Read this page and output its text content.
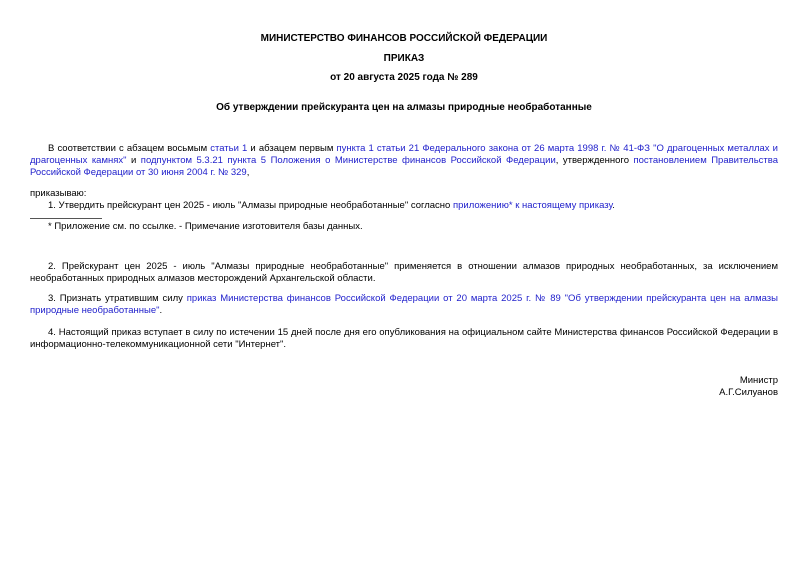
МИНИСТЕРСТВО ФИНАНСОВ РОССИЙСКОЙ ФЕДЕРАЦИИ
ПРИКАЗ
от 20 августа 2025 года № 289
Об утверждении прейскуранта цен на алмазы природные необработанные

В соответствии с абзацем восьмым статьи 1 и абзацем первым пункта 1 статьи 21 Федерального закона от 26 марта 1998 г. № 41-ФЗ "О драгоценных металлах и драгоценных камнях" и подпунктом 5.3.21 пункта 5 Положения о Министерстве финансов Российской Федерации, утвержденного постановлением Правительства Российской Федерации от 30 июня 2004 г. № 329,

приказываю:

1. Утвердить прейскурант цен 2025 - июль "Алмазы природные необработанные" согласно приложению* к настоящему приказу.

* Приложение см. по ссылке. - Примечание изготовителя базы данных.

2. Прейскурант цен 2025 - июль "Алмазы природные необработанные" применяется в отношении алмазов природных необработанных, за исключением необработанных природных алмазов месторождений Архангельской области.

3. Признать утратившим силу приказ Министерства финансов Российской Федерации от 20 марта 2025 г. № 89 "Об утверждении прейскуранта цен на алмазы природные необработанные".

4. Настоящий приказ вступает в силу по истечении 15 дней после дня его опубликования на официальном сайте Министерства финансов Российской Федерации в информационно-телекоммуникационной сети "Интернет".

Министр
А.Г.Силуанов
